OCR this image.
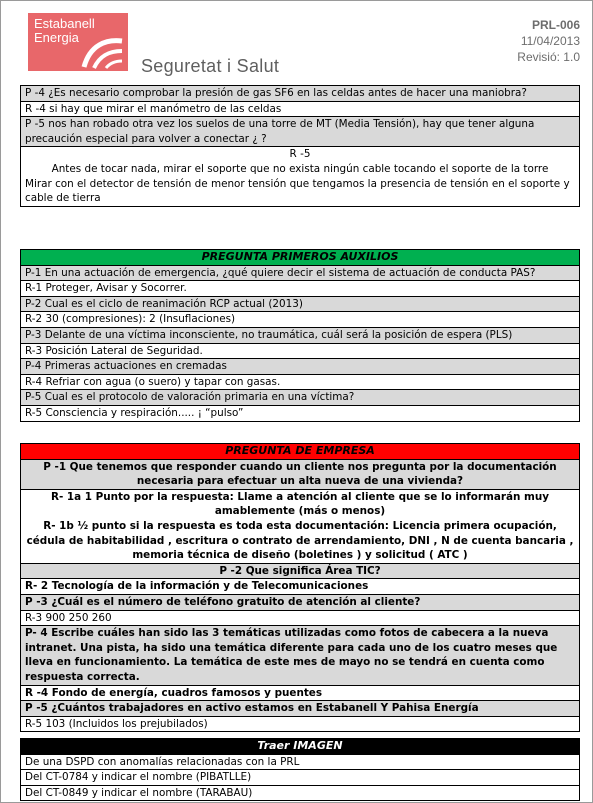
Estabanell
Energia
Seguretat i Salut
PRL-006
11/04/2013
Revisió: 1.0
P -4 ¿Es necesario comprobar la presión de gas SF6 en las celdas antes de hacer una maniobra?
R -4 si hay que mirar el manómetro de las celdas
P -5 nos han robado otra vez los suelos de una torre de MT (Media Tensión), hay que tener alguna precaución especial para volver a conectar ¿ ?

R -5
Antes de tocar nada, mirar el soporte que no exista ningún cable tocando el soporte de la torre
Mirar con el detector de tensión de menor tensión que tengamos la presencia de tensión en el soporte y cable de tierra
PREGUNTA PRIMEROS AUXILIOS
P-1 En una actuación de emergencia, ¿qué quiere decir el sistema de actuación de conducta PAS?
R-1 Proteger, Avisar y Socorrer.
P-2 Cual es el ciclo de reanimación RCP actual (2013)
R-2 30 (compresiones): 2 (Insuflaciones)
P-3 Delante de una víctima inconsciente, no traumática, cuál será la posición de espera (PLS)
R-3 Posición Lateral de Seguridad.
P-4 Primeras actuaciones en cremadas
R-4 Refriar con agua (o suero) y tapar con gasas.
P-5 Cual es el protocolo de valoración primaria en una víctima?
R-5 Consciencia y respiración..... ¡ “pulso”
PREGUNTA DE EMPRESA
P -1 Que tenemos que responder cuando un cliente nos pregunta por la documentación necesaria para efectuar un alta nueva de una vivienda?

R- 1a 1 Punto por la respuesta: Llame a atención al cliente que se lo informarán muy amablemente (más o menos)
R- 1b ½ punto si la respuesta es toda esta documentación: Licencia primera ocupación, cédula de habitabilidad , escritura o contrato de arrendamiento, DNI , N de cuenta bancaria , memoria técnica de diseño (boletines ) y solicitud ( ATC )

P -2 Que significa Área TIC?
R- 2 Tecnología de la información y de Telecomunicaciones
P -3 ¿Cuál es el número de teléfono gratuito de atención al cliente?
R-3 900 250 260
P- 4 Escribe cuáles han sido las 3 temáticas utilizadas como fotos de cabecera a la nueva intranet. Una pista, ha sido una temática diferente para cada uno de los cuatro meses que lleva en funcionamiento. La temática de este mes de mayo no se tendrá en cuenta como respuesta correcta.
R -4 Fondo de energía, cuadros famosos y puentes
P -5 ¿Cuántos trabajadores en activo estamos en Estabanell Y Pahisa Energía
R-5 103 (Incluidos los prejubilados)
Traer IMAGEN
De una DSPD con anomalías relacionadas con la PRL
Del CT-0784 y indicar el nombre (PIBATLLE)
Del CT-0849 y indicar el nombre (TARABAU)
